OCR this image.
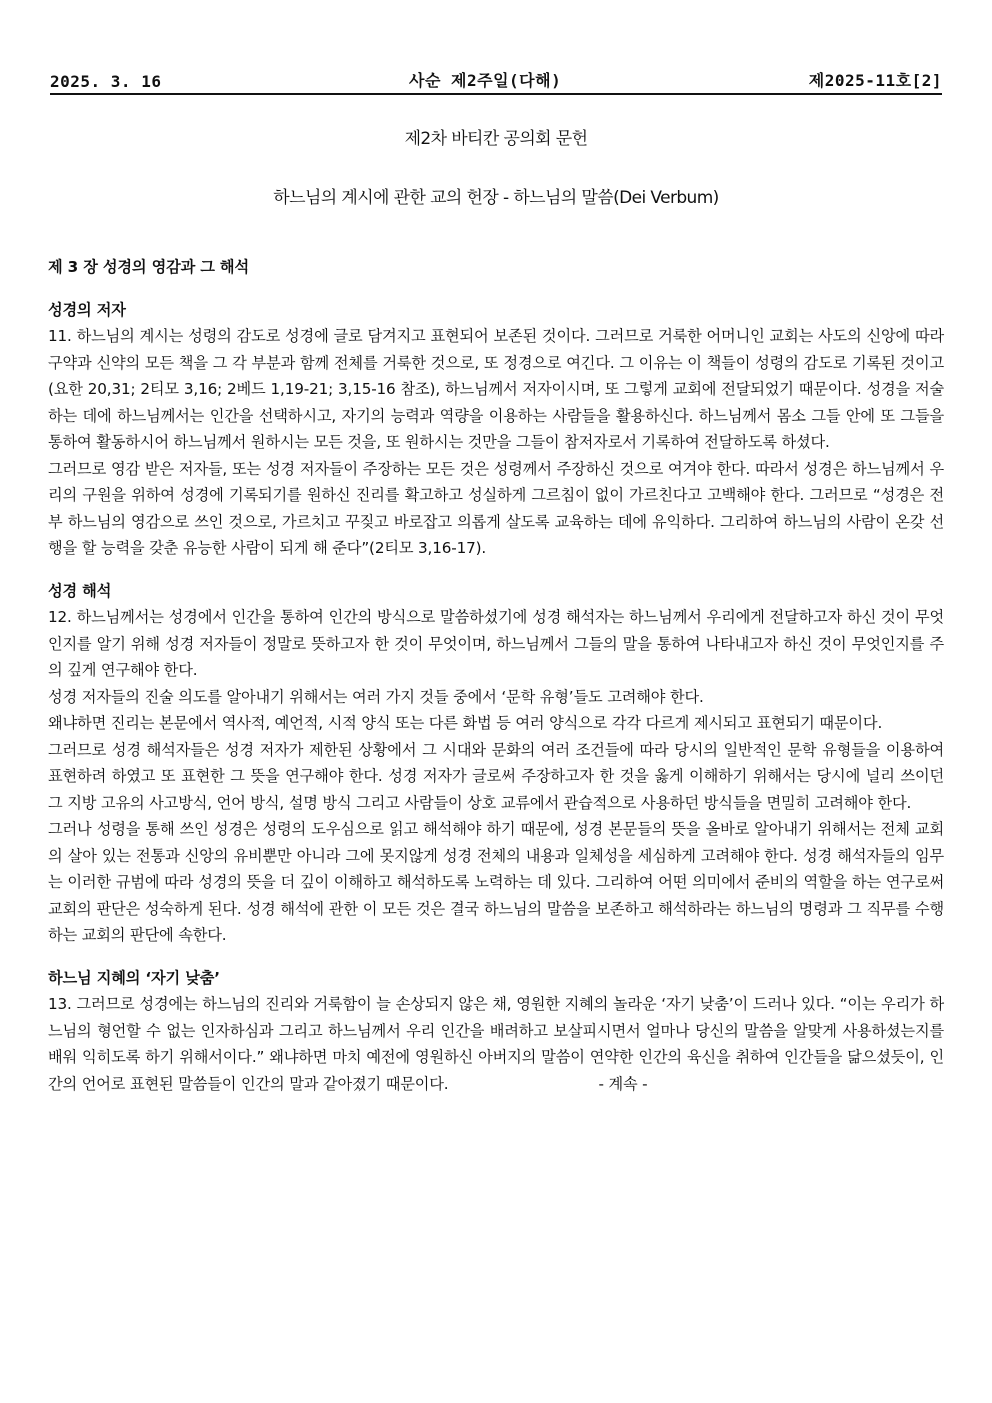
2025. 3. 16	사순 제2주일(다해)	제2025-11호[2]
제2차 바티칸 공의회 문헌
하느님의 계시에 관한 교의 헌장 - 하느님의 말씀(Dei Verbum)

제 3 장 성경의 영감과 그 해석

성경의 저자

11. 하느님의 계시는 성령의 감도로 성경에 글로 담겨지고 표현되어 보존된 것이다. 그러므로 거룩한 어머니인 교회는 사도의 신앙에 따라 구약과 신약의 모든 책을 그 각 부분과 함께 전체를 거룩한 것으로, 또 정경으로 여긴다. 그 이유는 이 책들이 성령의 감도로 기록된 것이고(요한 20,31; 2티모 3,16; 2베드 1,19-21; 3,15-16 참조), 하느님께서 저자이시며, 또 그렇게 교회에 전달되었기 때문이다. 성경을 저술하는 데에 하느님께서는 인간을 선택하시고, 자기의 능력과 역량을 이용하는 사람들을 활용하신다. 하느님께서 몸소 그들 안에 또 그들을 통하여 활동하시어 하느님께서 원하시는 모든 것을, 또 원하시는 것만을 그들이 참저자로서 기록하여 전달하도록 하셨다.

그러므로 영감 받은 저자들, 또는 성경 저자들이 주장하는 모든 것은 성령께서 주장하신 것으로 여겨야 한다. 따라서 성경은 하느님께서 우리의 구원을 위하여 성경에 기록되기를 원하신 진리를 확고하고 성실하게 그르침이 없이 가르친다고 고백해야 한다. 그러므로 “성경은 전부 하느님의 영감으로 쓰인 것으로, 가르치고 꾸짖고 바로잡고 의롭게 살도록 교육하는 데에 유익하다. 그리하여 하느님의 사람이 온갖 선행을 할 능력을 갖춘 유능한 사람이 되게 해 준다”(2티모 3,16-17).

성경 해석

12. 하느님께서는 성경에서 인간을 통하여 인간의 방식으로 말씀하셨기에 성경 해석자는 하느님께서 우리에게 전달하고자 하신 것이 무엇인지를 알기 위해 성경 저자들이 정말로 뜻하고자 한 것이 무엇이며, 하느님께서 그들의 말을 통하여 나타내고자 하신 것이 무엇인지를 주의 깊게 연구해야 한다.

성경 저자들의 진술 의도를 알아내기 위해서는 여러 가지 것들 중에서 ‘문학 유형’들도 고려해야 한다.

왜냐하면 진리는 본문에서 역사적, 예언적, 시적 양식 또는 다른 화법 등 여러 양식으로 각각 다르게 제시되고 표현되기 때문이다.

그러므로 성경 해석자들은 성경 저자가 제한된 상황에서 그 시대와 문화의 여러 조건들에 따라 당시의 일반적인 문학 유형들을 이용하여 표현하려 하였고 또 표현한 그 뜻을 연구해야 한다. 성경 저자가 글로써 주장하고자 한 것을 옳게 이해하기 위해서는 당시에 널리 쓰이던 그 지방 고유의 사고방식, 언어 방식, 설명 방식 그리고 사람들이 상호 교류에서 관습적으로 사용하던 방식들을 면밀히 고려해야 한다.

그러나 성령을 통해 쓰인 성경은 성령의 도우심으로 읽고 해석해야 하기 때문에, 성경 본문들의 뜻을 올바로 알아내기 위해서는 전체 교회의 살아 있는 전통과 신앙의 유비뿐만 아니라 그에 못지않게 성경 전체의 내용과 일체성을 세심하게 고려해야 한다. 성경 해석자들의 임무는 이러한 규범에 따라 성경의 뜻을 더 깊이 이해하고 해석하도록 노력하는 데 있다. 그리하여 어떤 의미에서 준비의 역할을 하는 연구로써 교회의 판단은 성숙하게 된다. 성경 해석에 관한 이 모든 것은 결국 하느님의 말씀을 보존하고 해석하라는 하느님의 명령과 그 직무를 수행하는 교회의 판단에 속한다.

하느님 지혜의 ‘자기 낮춤’

13. 그러므로 성경에는 하느님의 진리와 거룩함이 늘 손상되지 않은 채, 영원한 지혜의 놀라운 ‘자기 낮춤’이 드러나 있다. “이는 우리가 하느님의 형언할 수 없는 인자하심과 그리고 하느님께서 우리 인간을 배려하고 보살피시면서 얼마나 당신의 말씀을 알맞게 사용하셨는지를 배워 익히도록 하기 위해서이다.” 왜냐하면 마치 예전에 영원하신 아버지의 말씀이 연약한 인간의 육신을 취하여 인간들을 닮으셨듯이, 인간의 언어로 표현된 말씀들이 인간의 말과 같아졌기 때문이다.	- 계속 -
